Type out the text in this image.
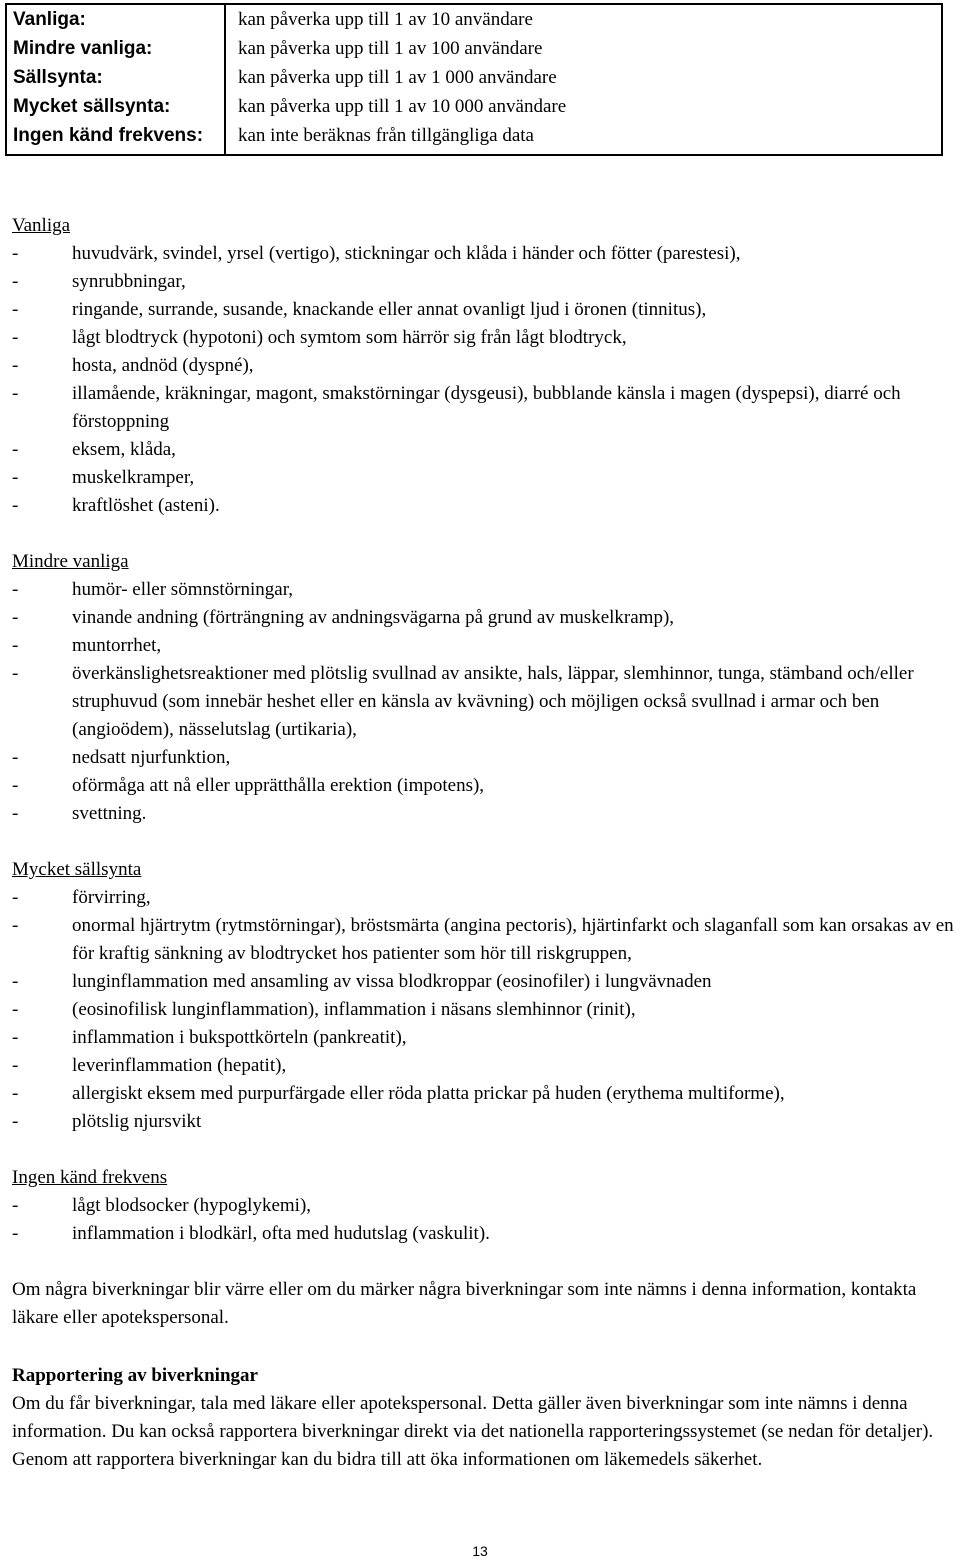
Vanliga:	kan påverka upp till 1 av 10 användare
Mindre vanliga:	kan påverka upp till 1 av 100 användare
Sällsynta:	kan påverka upp till 1 av 1 000 användare
Mycket sällsynta:	kan påverka upp till 1 av 10 000 användare
Ingen känd frekvens:	kan inte beräknas från tillgängliga data
Vanliga
-	huvudvärk, svindel, yrsel (vertigo), stickningar och klåda i händer och fötter (parestesi),
-	synrubbningar,
-	ringande, surrande, susande, knackande eller annat ovanligt ljud i öronen (tinnitus),
-	lågt blodtryck (hypotoni) och symtom som härrör sig från lågt blodtryck,
-	hosta, andnöd (dyspné),
-	illamående, kräkningar, magont, smakstörningar (dysgeusi), bubblande känsla i magen (dyspepsi), diarré och förstoppning
-	eksem, klåda,
-	muskelkramper,
-	kraftlöshet (asteni).
Mindre vanliga
-	humör- eller sömnstörningar,
-	vinande andning (förträngning av andningsvägarna på grund av muskelkramp),
-	muntorrhet,
-	överkänslighetsreaktioner med plötslig svullnad av ansikte, hals, läppar, slemhinnor, tunga, stämband och/eller struphuvud (som innebär heshet eller en känsla av kvävning) och möjligen också svullnad i armar och ben (angioödem), nässelutslag (urtikaria),
-	nedsatt njurfunktion,
-	oförmåga att nå eller upprätthålla erektion (impotens),
-	svettning.
Mycket sällsynta
-	förvirring,
-	onormal hjärtrytm (rytmstörningar), bröstsmärta (angina pectoris), hjärtinfarkt och slaganfall som kan orsakas av en för kraftig sänkning av blodtrycket hos patienter som hör till riskgruppen,
-	lunginflammation med ansamling av vissa blodkroppar (eosinofiler) i lungvävnaden
-	(eosinofilisk lunginflammation), inflammation i näsans slemhinnor (rinit),
-	inflammation i bukspottkörteln (pankreatit),
-	leverinflammation (hepatit),
-	allergiskt eksem med purpurfärgade eller röda platta prickar på huden (erythema multiforme),
-	plötslig njursvikt
Ingen känd frekvens
-	lågt blodsocker (hypoglykemi),
-	inflammation i blodkärl, ofta med hudutslag (vaskulit).
Om några biverkningar blir värre eller om du märker några biverkningar som inte nämns i denna information, kontakta läkare eller apotekspersonal.
Rapportering av biverkningar
Om du får biverkningar, tala med läkare eller apotekspersonal. Detta gäller även biverkningar som inte nämns i denna information. Du kan också rapportera biverkningar direkt via det nationella rapporteringssystemet (se nedan för detaljer). Genom att rapportera biverkningar kan du bidra till att öka informationen om läkemedels säkerhet.
13
